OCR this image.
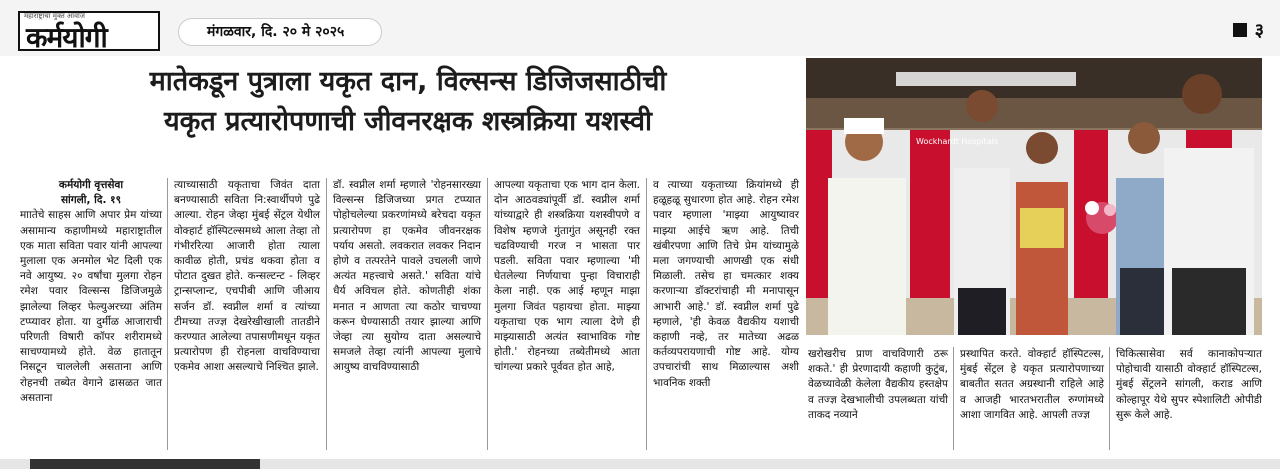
महाराष्ट्राचा मुक्त आवाज
कर्मयोगी	मंगळवार, दि. २० मे २०२५	३
मातेकडून पुत्राला यकृत दान, विल्सन्स डिजिजसाठीची
यकृत प्रत्यारोपणाची जीवनरक्षक शस्त्रक्रिया यशस्वी
Wockhardt Hospitals

कर्मयोगी वृत्तसेवा
सांगली, दि. १९

माातेचे साहस आणि अपार प्रेम यांच्या असामान्य कहाणीमध्ये महाराष्ट्रातील एक माता सविता पवार यांनी आपल्या मुलाला एक अनमोल भेट दिली एक नवे आयुष्य. २० वर्षांचा मुलगा रोहन रमेश पवार विल्सन्स डिजिजमुळे झालेल्या लिव्हर फेल्युअरच्या अंतिम टप्प्यावर होता. या दुर्मीळ आजाराची परिणती विषारी कॉपर शरीरामध्ये साचण्यामध्ये होते. वेळ हातातून निसटून चाललेली असताना आणि रोहनची तब्येत वेगाने ढासळत जात असताना

त्याच्यासाठी यकृताचा जिवंत दाता बनण्यासाठी सविता नि:स्वार्थीपणे पुढे आल्या. रोहन जेव्हा मुंबई सेंट्रल येथील वोक्हार्ट हॉस्पिटल्समध्ये आला तेव्हा तो गंभीररित्या आजारी होता त्याला कावीळ होती, प्रचंड थकवा होता व पोटात दुखत होते. कन्सल्टन्ट - लिव्हर ट्रान्सप्लान्ट, एचपीबी आणि जीआय सर्जन डॉ. स्वप्नील शर्मा व त्यांच्या टीमच्या तज्ज्ञ देखरेखीखाली तातडीने करण्यात आलेल्या तपासणीमधून यकृत प्रत्यारोपण ही रोहनला वाचविण्याचा एकमेव आशा असल्याचे निश्चित झाले.

डॉ. स्वप्नील शर्मा म्हणाले 'रोहनसारख्या विल्सन्स डिजिजच्या प्रगत टप्प्यात पोहोचलेल्या प्रकरणांमध्ये बरेचदा यकृत प्रत्यारोपण हा एकमेव जीवनरक्षक पर्याय असतो. लवकरात लवकर निदान होणे व तत्परतेने पावले उचलली जाणे अत्यंत महत्त्वाचे असते.' सविता यांचे धैर्य अविचल होते. कोणतीही शंका मनात न आणता त्या कठोर चाचण्या करून घेण्यासाठी तयार झाल्या आणि जेव्हा त्या सुयोग्य दाता असल्याचे समजले तेव्हा त्यांनी आपल्या मुलाचे आयुष्य वाचविण्यासाठी

आपल्या यकृताचा एक भाग दान केला. दोन आठवड्यांपूर्वी डॉ. स्वप्नील शर्मा यांच्याद्वारे ही शस्त्रक्रिया यशस्वीपणे व विशेष म्हणजे गुंतागुंत असूनही रक्त चढविण्याची गरज न भासता पार पडली. सविता पवार म्हणाल्या 'मी घेतलेल्या निर्णयाचा पुन्हा विचाराही केला नाही. एक आई म्हणून माझा मुलगा जिवंत पहायचा होता. माझ्या यकृताचा एक भाग त्याला देणे ही माझ्यासाठी अत्यंत स्वाभाविक गोष्ट होती.' रोहनच्या तब्येतीमध्ये आता चांगल्या प्रकारे पूर्ववत होत आहे,

व त्याच्या यकृताच्या क्रियांमध्ये ही हळूहळू सुधारणा होत आहे. रोहन रमेश पवार म्हणाला 'माझ्या आयुष्यावर माझ्या आईचे ऋण आहे. तिची खंबीरपणा आणि तिचे प्रेम यांच्यामुळे मला जगण्याची आणखी एक संधी मिळाली. तसेच हा चमत्कार शक्य करणाऱ्या डॉक्टरांचाही मी मनापासून आभारी आहे.' डॉ. स्वप्नील शर्मा पुढे म्हणाले, 'ही केवळ वैद्यकीय यशाची कहाणी नव्हे, तर मातेच्या अढळ कर्तव्यपरायणाची गोष्ट आहे. योग्य उपचारांची साथ मिळाल्यास अशी भावनिक शक्ती

खरोखरीच प्राण वाचविणारी ठरू शकते.' ही प्रेरणादायी कहाणी कुटुंब, वेळच्यावेळी केलेला वैद्यकीय हस्तक्षेप व तज्ज्ञ देखभालीची उपलब्धता यांची ताकद नव्याने

प्रस्थापित करते. वोक्हार्ट हॉस्पिटल्स, मुंबई सेंट्रल हे यकृत प्रत्यारोपणाच्या बाबतीत सतत अग्रस्थानी राहिले आहे व आजही भारतभरातील रुग्णांमध्ये आशा जागवित आहे. आपली तज्ज्ञ

चिकित्सासेवा सर्व कानाकोपऱ्यात पोहोचावी यासाठी वोक्हार्ट हॉस्पिटल्स, मुंबई सेंट्रलने सांगली, कराड आणि कोल्हापूर येथे सुपर स्पेशालिटी ओपीडी सुरू केले आहे.
